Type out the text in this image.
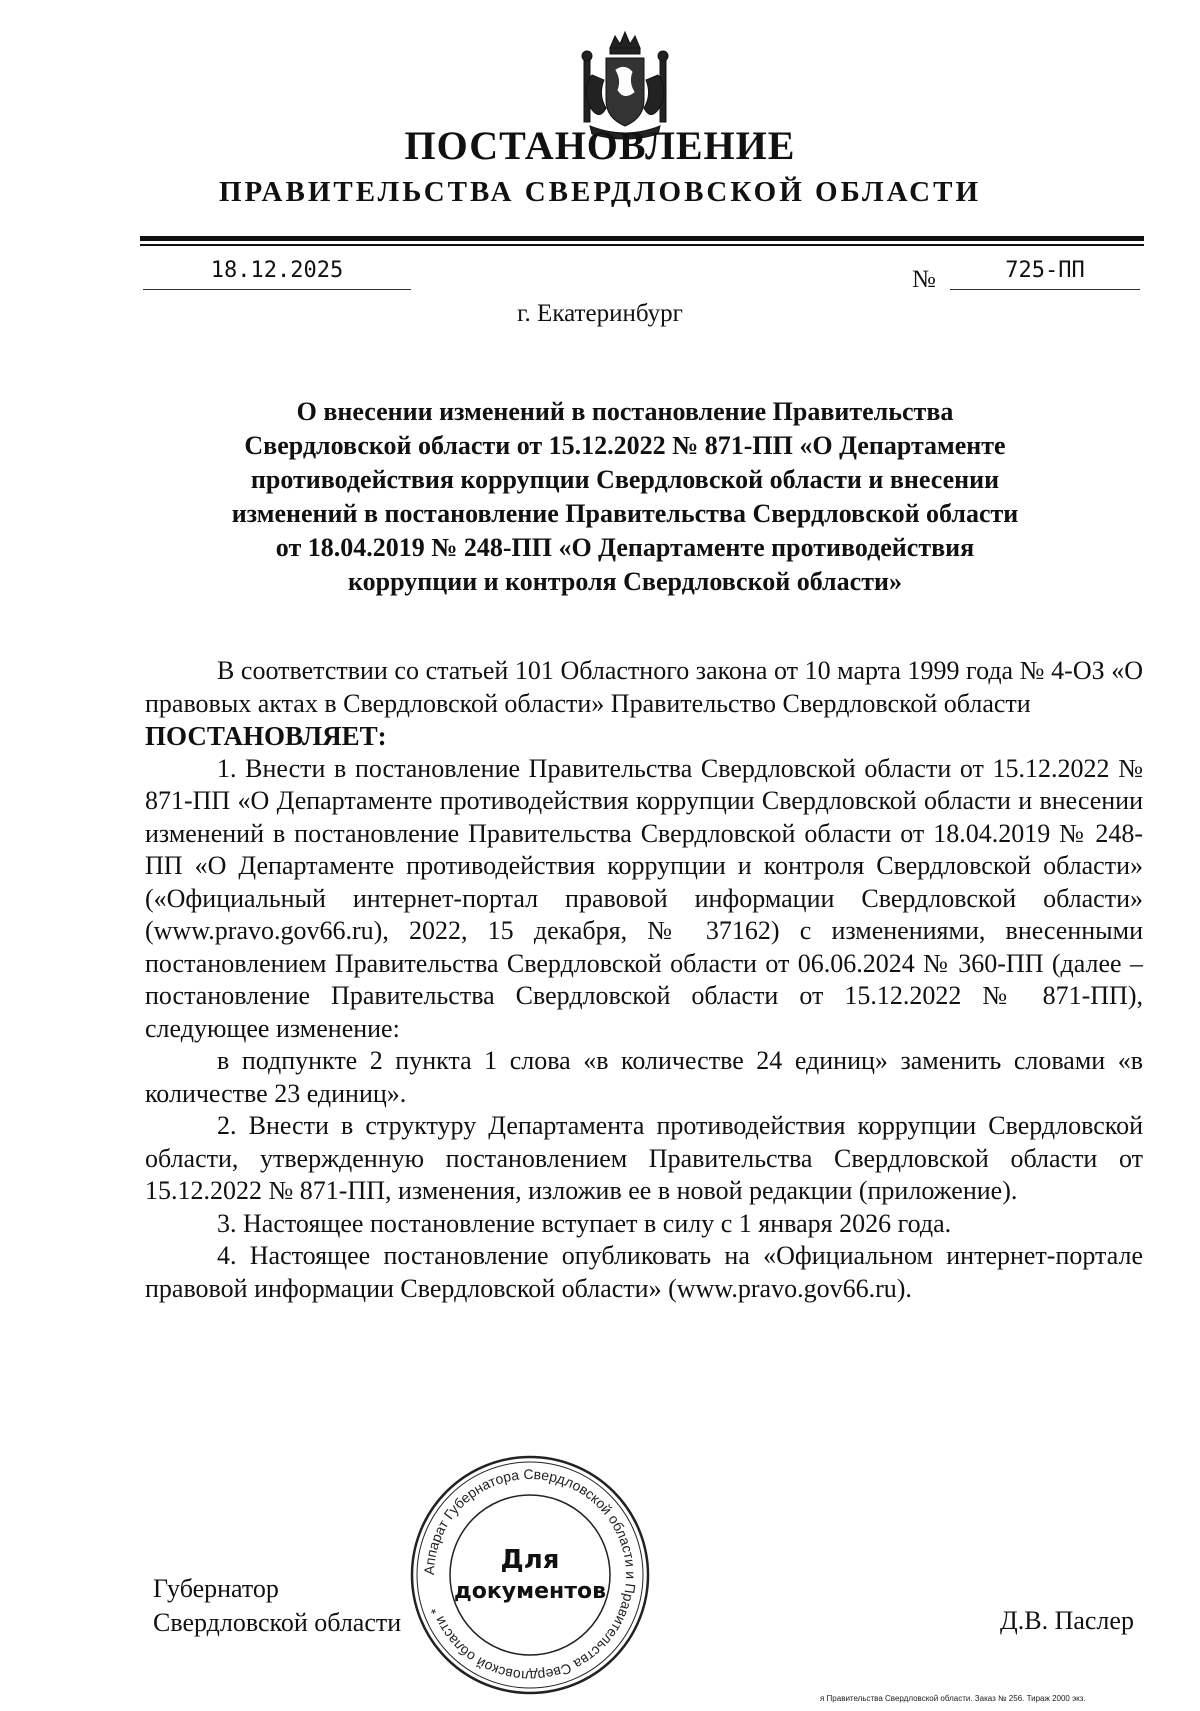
ПОСТАНОВЛЕНИЕ
ПРАВИТЕЛЬСТВА СВЕРДЛОВСКОЙ ОБЛАСТИ
18.12.2025	№	725-ПП
г. Екатеринбург
О внесении изменений в постановление Правительства
Свердловской области от 15.12.2022 № 871-ПП «О Департаменте
противодействия коррупции Свердловской области и внесении
изменений в постановление Правительства Свердловской области
от 18.04.2019 № 248-ПП «О Департаменте противодействия
коррупции и контроля Свердловской области»

В соответствии со статьей 101 Областного закона от 10 марта 1999 года № 4-ОЗ «О правовых актах в Свердловской области» Правительство Свердловской области

ПОСТАНОВЛЯЕТ:

1. Внести в постановление Правительства Свердловской области от 15.12.2022 № 871-ПП «О Департаменте противодействия коррупции Свердловской области и внесении изменений в постановление Правительства Свердловской области от 18.04.2019 № 248-ПП «О Департаменте противодействия коррупции и контроля Свердловской области» («Официальный интернет-портал правовой информации Свердловской области» (www.pravo.gov66.ru), 2022, 15 декабря, № 37162) с изменениями, внесенными постановлением Правительства Свердловской области от 06.06.2024 № 360-ПП (далее – постановление Правительства Свердловской области от 15.12.2022 № 871-ПП), следующее изменение:

в подпункте 2 пункта 1 слова «в количестве 24 единиц» заменить словами «в количестве 23 единиц».

2. Внести в структуру Департамента противодействия коррупции Свердловской области, утвержденную постановлением Правительства Свердловской области от 15.12.2022 № 871-ПП, изменения, изложив ее в новой редакции (приложение).

3. Настоящее постановление вступает в силу с 1 января 2026 года.

4. Настоящее постановление опубликовать на «Официальном интернет-портале правовой информации Свердловской области» (www.pravo.gov66.ru).

Губернатор
Свердловской области	Д.В. Паслер
Аппарат Губернатора Свердловской области и Правительства Свердловской области *
Для
документов
я Правительства Свердловской области. Заказ № 256. Тираж 2000 экз.
